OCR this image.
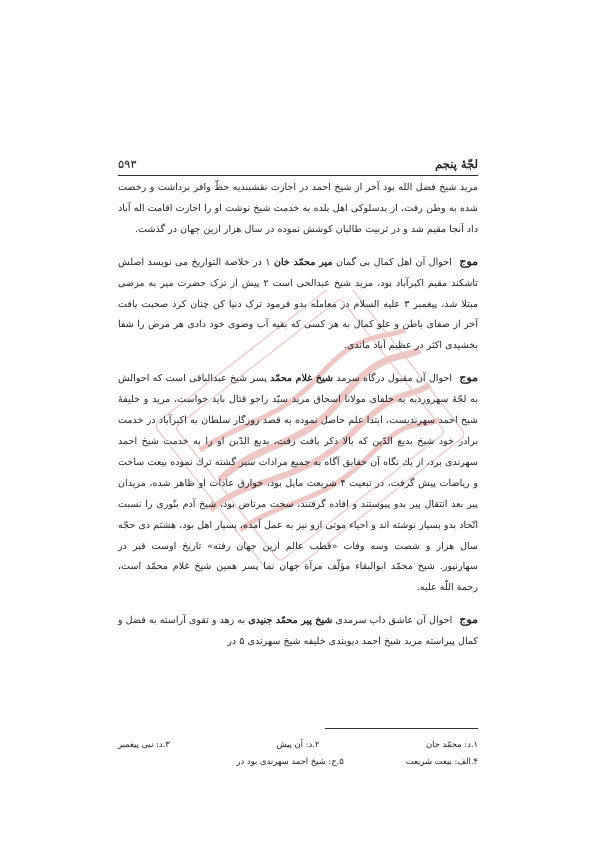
لجّهٔ پنجم
۵۹۳

مرید شیخ فضل الله بود آخر از شیخ احمد در اجازت نقشبندیه حظّ وافر برداشت و رخصت شده به وطن رفت، از بدسلوکی اهل بلده به خدمت شیخ نوشت او را اجازت اقامت اله آباد داد آنجا مقیم شد و در تربیت طالبان کوشش نموده در سال هزار ازین جهان در گذشت.

موج احوال آن اهل کمال بی گمان میر محمّد خان ۱ در خلاصة التواریخ می نویسد اصلش تاشکند مقیم اکبرآباد بود، مرید شیخ عبدالحی است ۲ پیش از ترک حضرت میر به مرضی مبتلا شد، پیغمبر ۳ علیه السلام در معامله بدو فرمود ترک دنیا کن چنان کرد صحبت یافت آخر از صفای باطن و علو کمال به هر کسی که بقیه آب وضوی خود دادی هر مرض را شفا بخشیدی اکثر در عظیم آباد ماندی.

موج احوال آن مقبول درگاه سرمد شیخ غلام محمّد پسر شیخ عبدالباقی است که احوالش به لجّهٔ سهروردیه به خلفای مولانا اسحاق مرید سیّد راجو قتال باید خواست، مرید و خلیفهٔ شیخ احمد سهرندیست، ابتدا علم حاصل نموده به قصد روزگار سلطان به اکبرآباد در خدمت برادر خود شیخ بدیع الدّین که بالا ذکر یافت رفت، بدیع الدّین او را به خدمت شیخ احمد سهرندی برد، از یك نگاه آن حقایق آگاه به جمیع مرادات سیر گشته ترك نموده بیعت ساخت و ریاضات پیش گرفت، در تبعیت ۴ شریعت مایل بود، خوارق عادات او ظاهر شده، مریدان پیر بعد انتقال پیر بدو پیوستند و افاده گرفتند، سخت مرتاض بود، شیخ آدم بنّوری را نسبت اتّحاد بدو بسیار نوشته اند و احیاء موتی ازو نیز به عمل آمده، بسیار اهل بود، هشتم ذی حجّه سال هزار و شصت وسه وفات «قطب عالم ازین جهان رفته» تاریخ اوست قبر در سهارنپور. شیخ محمّد ابوالبقاء مؤلّف مرآة جهان نما پسر همین شیخ غلام محمّد است، رحمة اللّه علیه.

موج احوال آن عاشق داب سرمدی شیخ پیر محمّد جنیدی به زهد و تقوی آراسته به فضل و کمال پیراسته مرید شیخ احمد دیوبندی خلیفه شیخ سهرندی ۵ در

۱.د: محمّد جان
۲.د: آن پیش
۳.د: نبی پیغمبر
۴.الف: بیعت شریعت
۵.ج: شیخ احمد سهرندی بود در
